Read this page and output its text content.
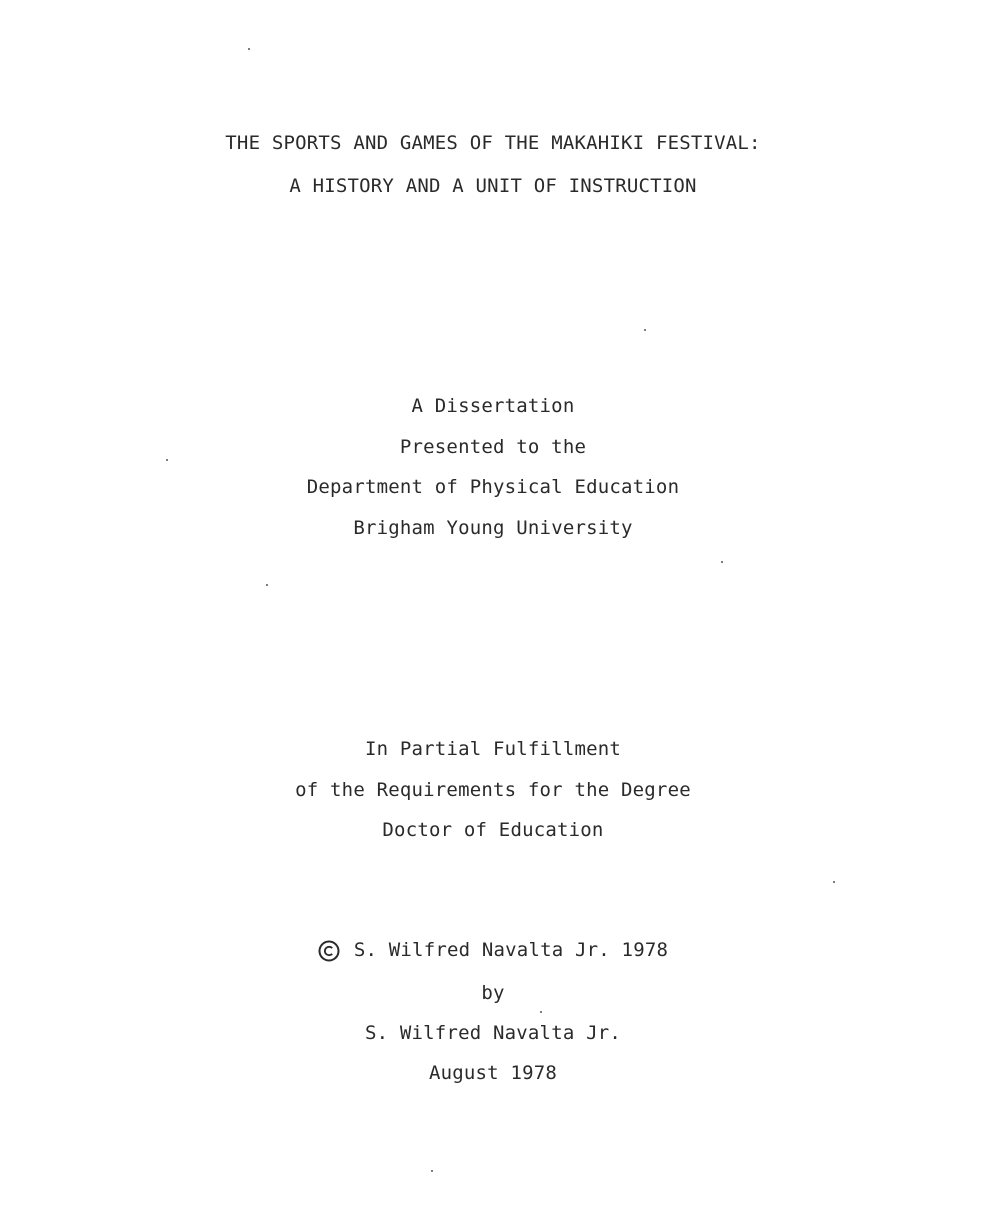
THE SPORTS AND GAMES OF THE MAKAHIKI FESTIVAL:
A HISTORY AND A UNIT OF INSTRUCTION
A Dissertation
Presented to the
Department of Physical Education
Brigham Young University
In Partial Fulfillment
of the Requirements for the Degree
Doctor of Education
S. Wilfred Navalta Jr. 1978
by
S. Wilfred Navalta Jr.
August 1978
